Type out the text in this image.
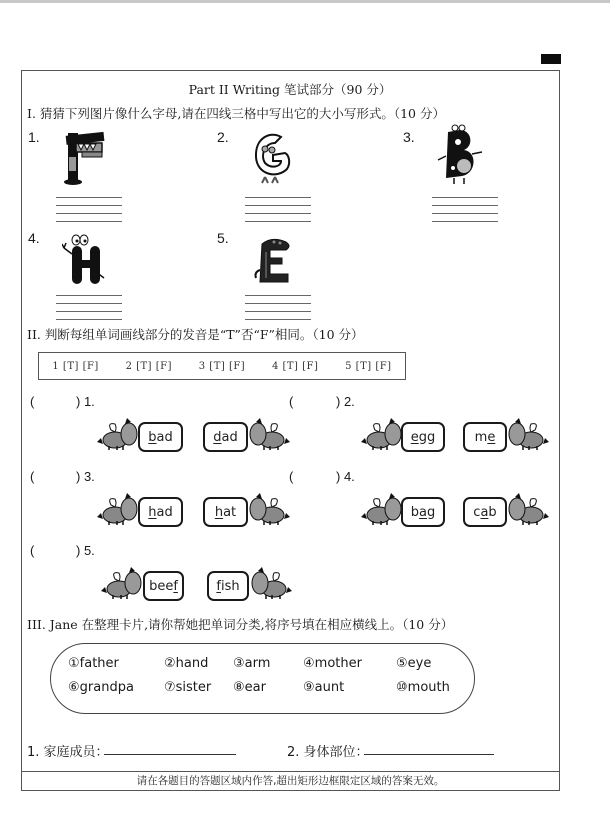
Part II Writing 笔试部分（90 分）
I. 猜猜下列图片像什么字母,请在四线三格中写出它的大小写形式。（10 分）
1.	2.	3.
4.	5.
II. 判断每组单词画线部分的发音是“T”否“F”相同。（10 分）
1 [T] [F]	2 [T] [F]	3 [T] [F]	4 [T] [F]	5 [T] [F]
(	) 1.
b ad	d ad
(	) 2.
e gg	m e
(	) 3.
h ad	h at
(	) 4.
b a g	c a b
(	) 5.
bee f	f ish
III. Jane 在整理卡片,请你帮她把单词分类,将序号填在相应横线上。（10 分）
①father	②hand ③arm	④mother	⑤eye
⑥grandpa ⑦sister ⑧ear	⑨aunt	⑩mouth
1. 家庭成员：	2. 身体部位：
请在各题目的答题区域内作答,超出矩形边框限定区域的答案无效。
